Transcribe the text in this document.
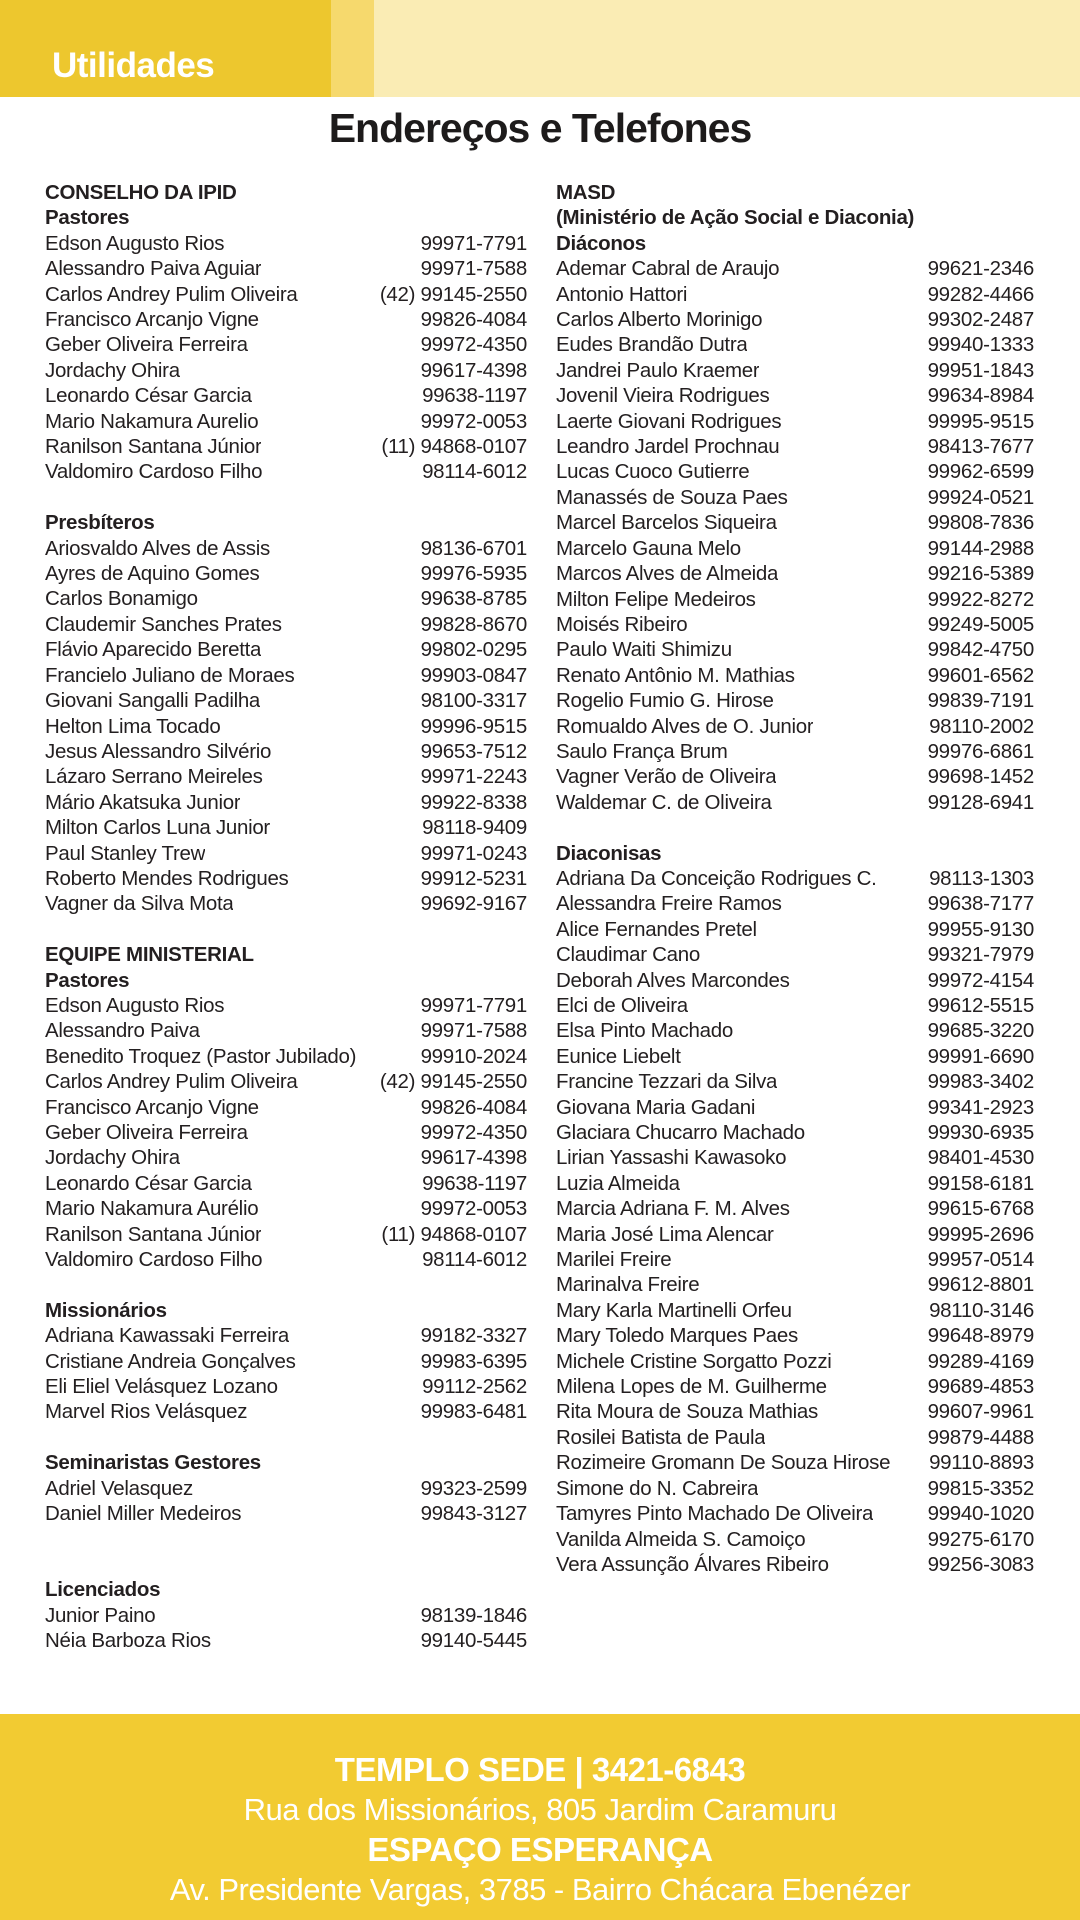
Utilidades
Endereços e Telefones
CONSELHO DA IPID
Pastores
Edson Augusto Rios	99971-7791
Alessandro Paiva Aguiar	99971-7588
Carlos Andrey Pulim Oliveira	(42) 99145-2550
Francisco Arcanjo Vigne	99826-4084
Geber Oliveira Ferreira	99972-4350
Jordachy Ohira	99617-4398
Leonardo César Garcia	99638-1197
Mario Nakamura Aurelio	99972-0053
Ranilson Santana Júnior	(11) 94868-0107
Valdomiro Cardoso Filho	98114-6012
Presbíteros
Ariosvaldo Alves de Assis	98136-6701
Ayres de Aquino Gomes	99976-5935
Carlos Bonamigo	99638-8785
Claudemir Sanches Prates	99828-8670
Flávio Aparecido Beretta	99802-0295
Francielo Juliano de Moraes	99903-0847
Giovani Sangalli Padilha	98100-3317
Helton Lima Tocado	99996-9515
Jesus Alessandro Silvério	99653-7512
Lázaro Serrano Meireles	99971-2243
Mário Akatsuka Junior	99922-8338
Milton Carlos Luna Junior	98118-9409
Paul Stanley Trew	99971-0243
Roberto Mendes Rodrigues	99912-5231
Vagner da Silva Mota	99692-9167
EQUIPE MINISTERIAL
Pastores
Edson Augusto Rios	99971-7791
Alessandro Paiva	99971-7588
Benedito Troquez (Pastor Jubilado)	99910-2024
Carlos Andrey Pulim Oliveira	(42) 99145-2550
Francisco Arcanjo Vigne	99826-4084
Geber Oliveira Ferreira	99972-4350
Jordachy Ohira	99617-4398
Leonardo César Garcia	99638-1197
Mario Nakamura Aurélio	99972-0053
Ranilson Santana Júnior	(11) 94868-0107
Valdomiro Cardoso Filho	98114-6012
Missionários
Adriana Kawassaki Ferreira	99182-3327
Cristiane Andreia Gonçalves	99983-6395
Eli Eliel Velásquez Lozano	99112-2562
Marvel Rios Velásquez	99983-6481
Seminaristas Gestores
Adriel Velasquez	99323-2599
Daniel Miller Medeiros	99843-3127
Licenciados
Junior Paino	98139-1846
Néia Barboza Rios	99140-5445
MASD
(Ministério de Ação Social e Diaconia)
Diáconos
Ademar Cabral de Araujo	99621-2346
Antonio Hattori	99282-4466
Carlos Alberto Morinigo	99302-2487
Eudes Brandão Dutra	99940-1333
Jandrei Paulo Kraemer	99951-1843
Jovenil Vieira Rodrigues	99634-8984
Laerte Giovani Rodrigues	99995-9515
Leandro Jardel Prochnau	98413-7677
Lucas Cuoco Gutierre	99962-6599
Manassés de Souza Paes	99924-0521
Marcel Barcelos Siqueira	99808-7836
Marcelo Gauna Melo	99144-2988
Marcos Alves de Almeida	99216-5389
Milton Felipe Medeiros	99922-8272
Moisés Ribeiro	99249-5005
Paulo Waiti Shimizu	99842-4750
Renato Antônio M. Mathias	99601-6562
Rogelio Fumio G. Hirose	99839-7191
Romualdo Alves de O. Junior	98110-2002
Saulo França Brum	99976-6861
Vagner Verão de Oliveira	99698-1452
Waldemar C. de Oliveira	99128-6941
Diaconisas
Adriana Da Conceição Rodrigues C.	98113-1303
Alessandra Freire Ramos	99638-7177
Alice Fernandes Pretel	99955-9130
Claudimar Cano	99321-7979
Deborah Alves Marcondes	99972-4154
Elci de Oliveira	99612-5515
Elsa Pinto Machado	99685-3220
Eunice Liebelt	99991-6690
Francine Tezzari da Silva	99983-3402
Giovana Maria Gadani	99341-2923
Glaciara Chucarro Machado	99930-6935
Lirian Yassashi Kawasoko	98401-4530
Luzia Almeida	99158-6181
Marcia Adriana F. M. Alves	99615-6768
Maria José Lima Alencar	99995-2696
Marilei Freire	99957-0514
Marinalva Freire	99612-8801
Mary Karla Martinelli Orfeu	98110-3146
Mary Toledo Marques Paes	99648-8979
Michele Cristine Sorgatto Pozzi	99289-4169
Milena Lopes de M. Guilherme	99689-4853
Rita Moura de Souza Mathias	99607-9961
Rosilei Batista de Paula	99879-4488
Rozimeire Gromann De Souza Hirose	99110-8893
Simone do N. Cabreira	99815-3352
Tamyres Pinto Machado De Oliveira	99940-1020
Vanilda Almeida S. Camoiço	99275-6170
Vera Assunção Álvares Ribeiro	99256-3083
TEMPLO SEDE | 3421-6843
Rua dos Missionários, 805 Jardim Caramuru
ESPAÇO ESPERANÇA
Av. Presidente Vargas, 3785 - Bairro Chácara Ebenézer
